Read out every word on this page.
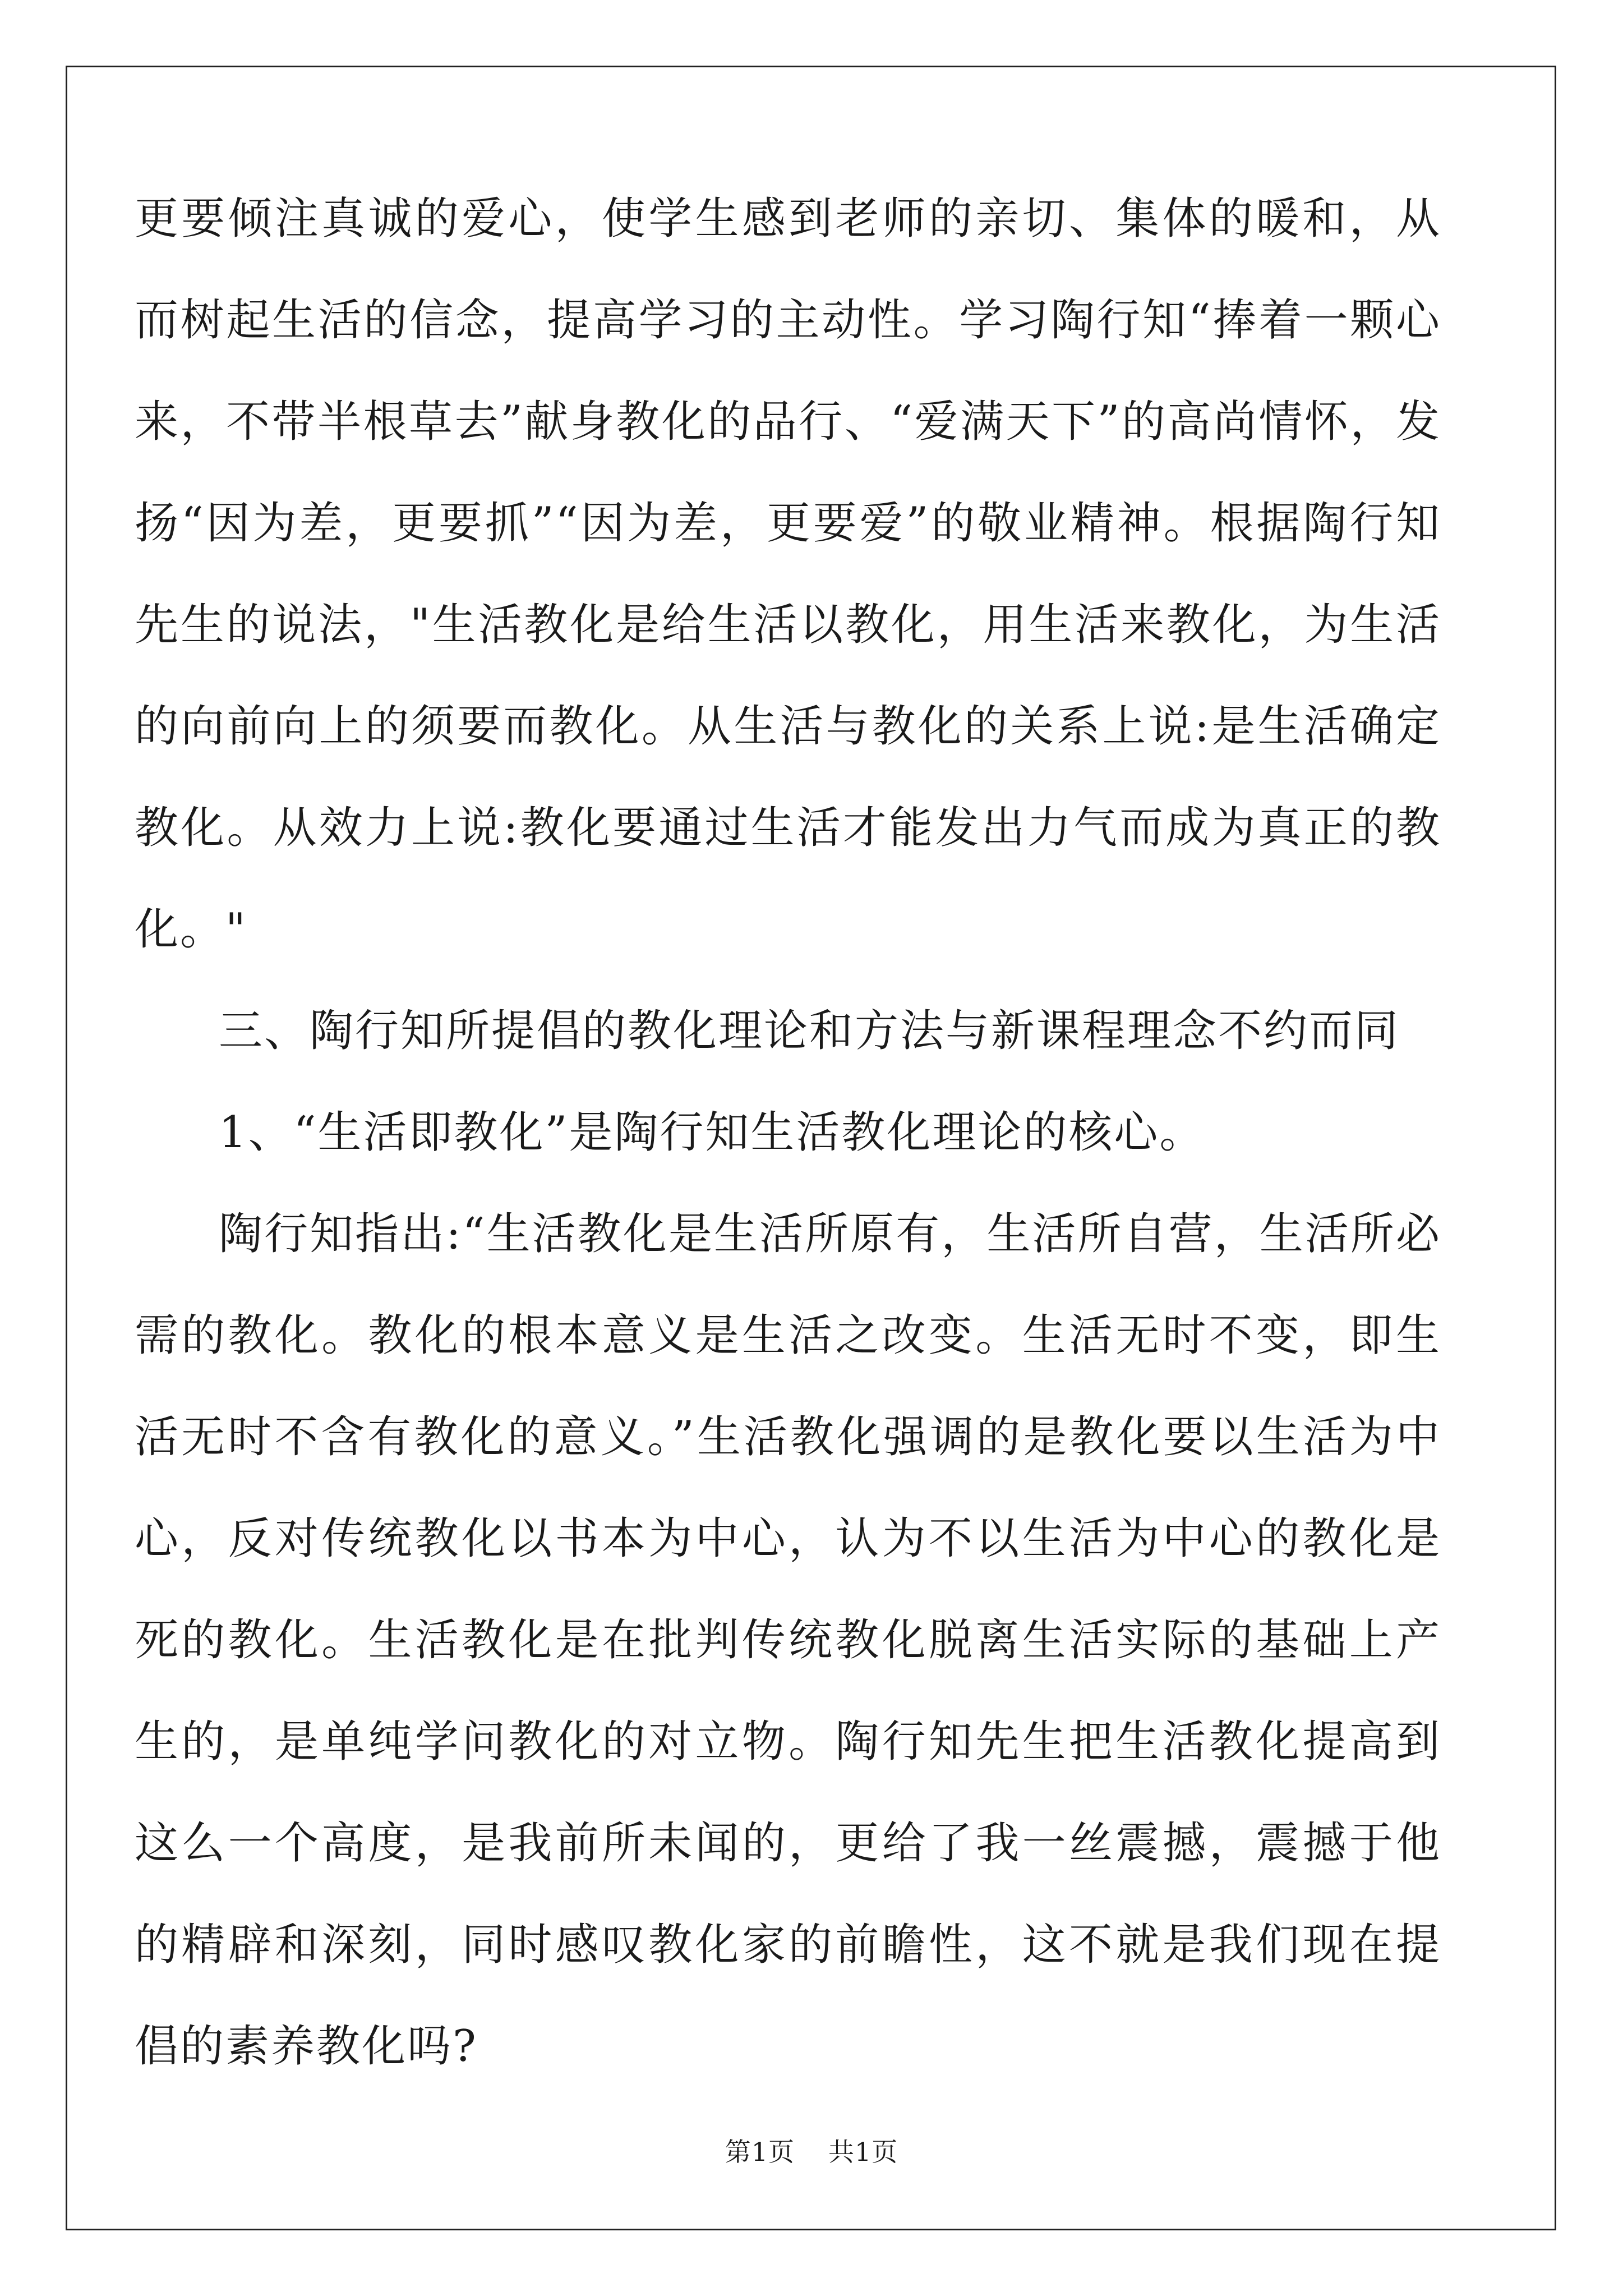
更要倾注真诚的爱心，使学生感到老师的亲切、集体的暖和，从而树起生活的信念，提高学习的主动性。学习陶行知“捧着一颗心来，不带半根草去”献身教化的品行、“爱满天下”的高尚情怀，发扬“因为差，更要抓”“因为差，更要爱”的敬业精神。根据陶行知先生的说法，"生活教化是给生活以教化，用生活来教化，为生活的向前向上的须要而教化。从生活与教化的关系上说:是生活确定教化。从效力上说:教化要通过生活才能发出力气而成为真正的教化。"

三、陶行知所提倡的教化理论和方法与新课程理念不约而同

1、“生活即教化”是陶行知生活教化理论的核心。

陶行知指出:“生活教化是生活所原有，生活所自营，生活所必需的教化。教化的根本意义是生活之改变。生活无时不变，即生活无时不含有教化的意义。”生活教化强调的是教化要以生活为中心，反对传统教化以书本为中心，认为不以生活为中心的教化是死的教化。生活教化是在批判传统教化脱离生活实际的基础上产生的，是单纯学问教化的对立物。陶行知先生把生活教化提高到这么一个高度，是我前所未闻的，更给了我一丝震撼，震撼于他的精辟和深刻，同时感叹教化家的前瞻性，这不就是我们现在提倡的素养教化吗?

第1页 共1页
